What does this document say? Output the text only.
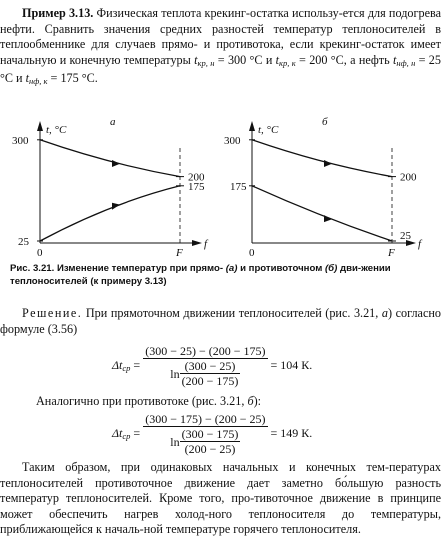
Пример 3.13. Физическая теплота крекинг-остатка использу-ется для подогрева нефти. Сравнить значения средних разностей температур теплоносителей в теплообменнике для случаев прямо- и противотока, если крекинг-остаток имеет начальную и конечную температуры $t_{кр, н} = 300$ °С и $t_{кр, к} = 200$ °С, а нефть $t_{нф, н} = 25$ °С и $t_{нф, к} = 175$ °С.

t, °C
f
0	F
а
300
25
200
175
t, °C
f
0	F
б
300
175
200
25
Рис. 3.21. Изменение температур при прямо- (а) и противоточном (б) дви-жении теплоносителей (к примеру 3.13)

Решение. При прямоточном движении теплоносителей (рис. 3.21, а) согласно формуле (3.56)

$\Delta t_{ср} = \frac{(300 - 25) - (200 - 175)}{\ln \frac{(300 - 25)}{(200 - 175)}} = 104$ К.

Аналогично при противотоке (рис. 3.21, б):

$\Delta t_{ср} = \frac{(300 - 175) - (200 - 25)}{\ln \frac{(300 - 175)}{(200 - 25)}} = 149$ К.

Таким образом, при одинаковых начальных и конечных тем-пературах теплоносителей противоточное движение дает заметно бо́льшую разность температур теплоносителей. Кроме того, про-тивоточное движение в принципе может обеспечить нагрев холод-ного теплоносителя до температуры, приближающейся к началь-ной температуре горячего теплоносителя.
